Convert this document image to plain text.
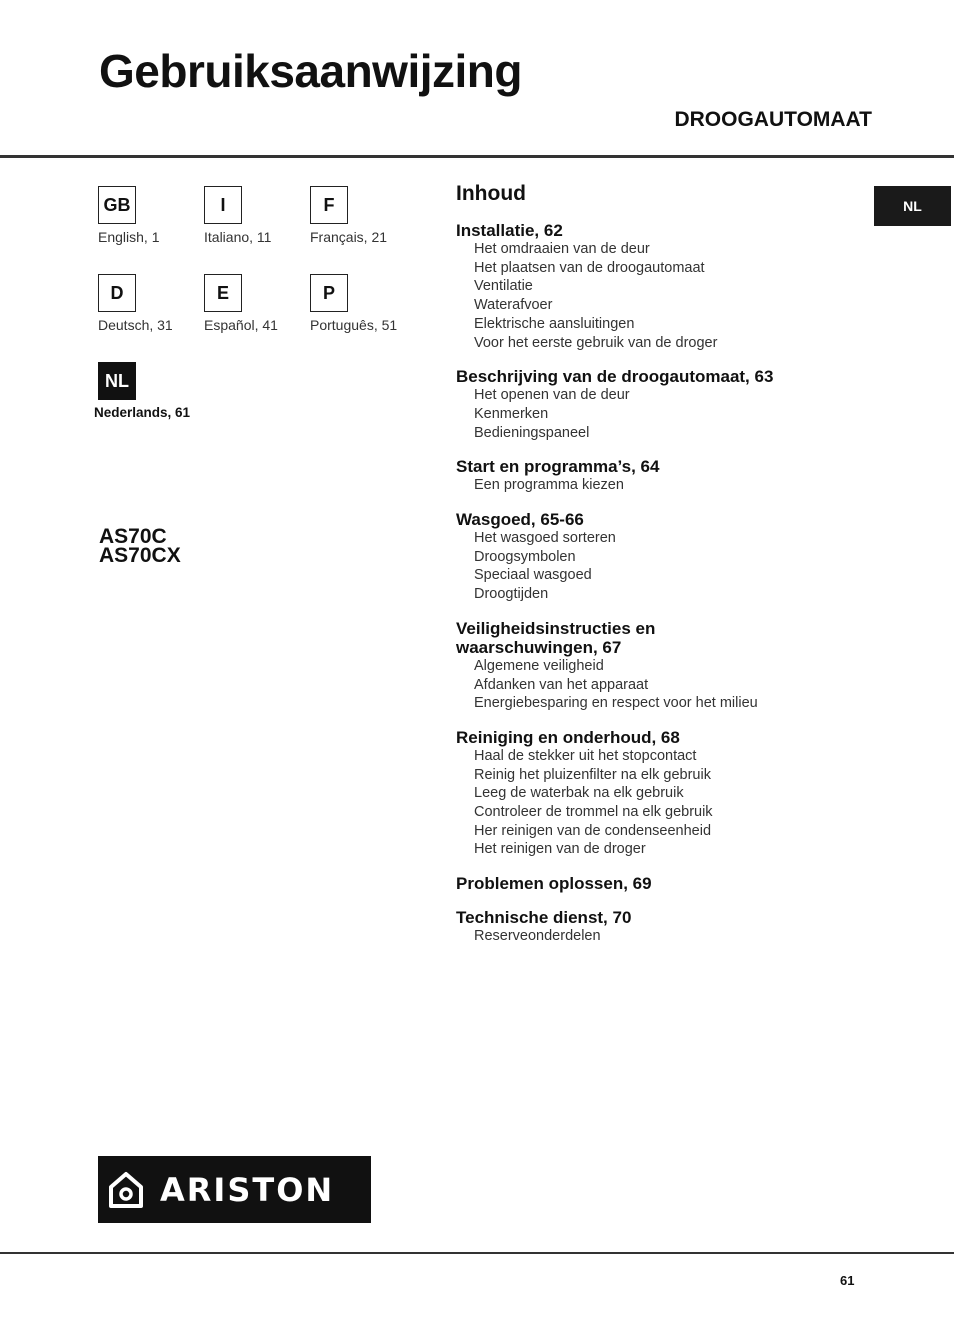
Gebruiksaanwijzing
DROOGAUTOMAAT
GB
English, 1
I
Italiano, 11
F
Français, 21
D
Deutsch, 31
E
Español, 41
P
Português, 51
NL
Nederlands, 61
AS70C
AS70CX
Inhoud
Installatie, 62
Het omdraaien van de deur
Het plaatsen van de droogautomaat
Ventilatie
Waterafvoer
Elektrische aansluitingen
Voor het eerste gebruik van de droger
Beschrijving van de droogautomaat, 63
Het openen van de deur
Kenmerken
Bedieningspaneel
Start en programma’s, 64
Een programma kiezen
Wasgoed, 65-66
Het wasgoed sorteren
Droogsymbolen
Speciaal wasgoed
Droogtijden
Veiligheidsinstructies en
waarschuwingen, 67
Algemene veiligheid
Afdanken van het apparaat
Energiebesparing en respect voor het milieu
Reiniging en onderhoud, 68
Haal de stekker uit het stopcontact
Reinig het pluizenfilter na elk gebruik
Leeg de waterbak na elk gebruik
Controleer de trommel na elk gebruik
Her reinigen van de condenseenheid
Het reinigen van de droger
Problemen oplossen, 69
Technische dienst, 70
Reserveonderdelen
NL
ARISTON
61
